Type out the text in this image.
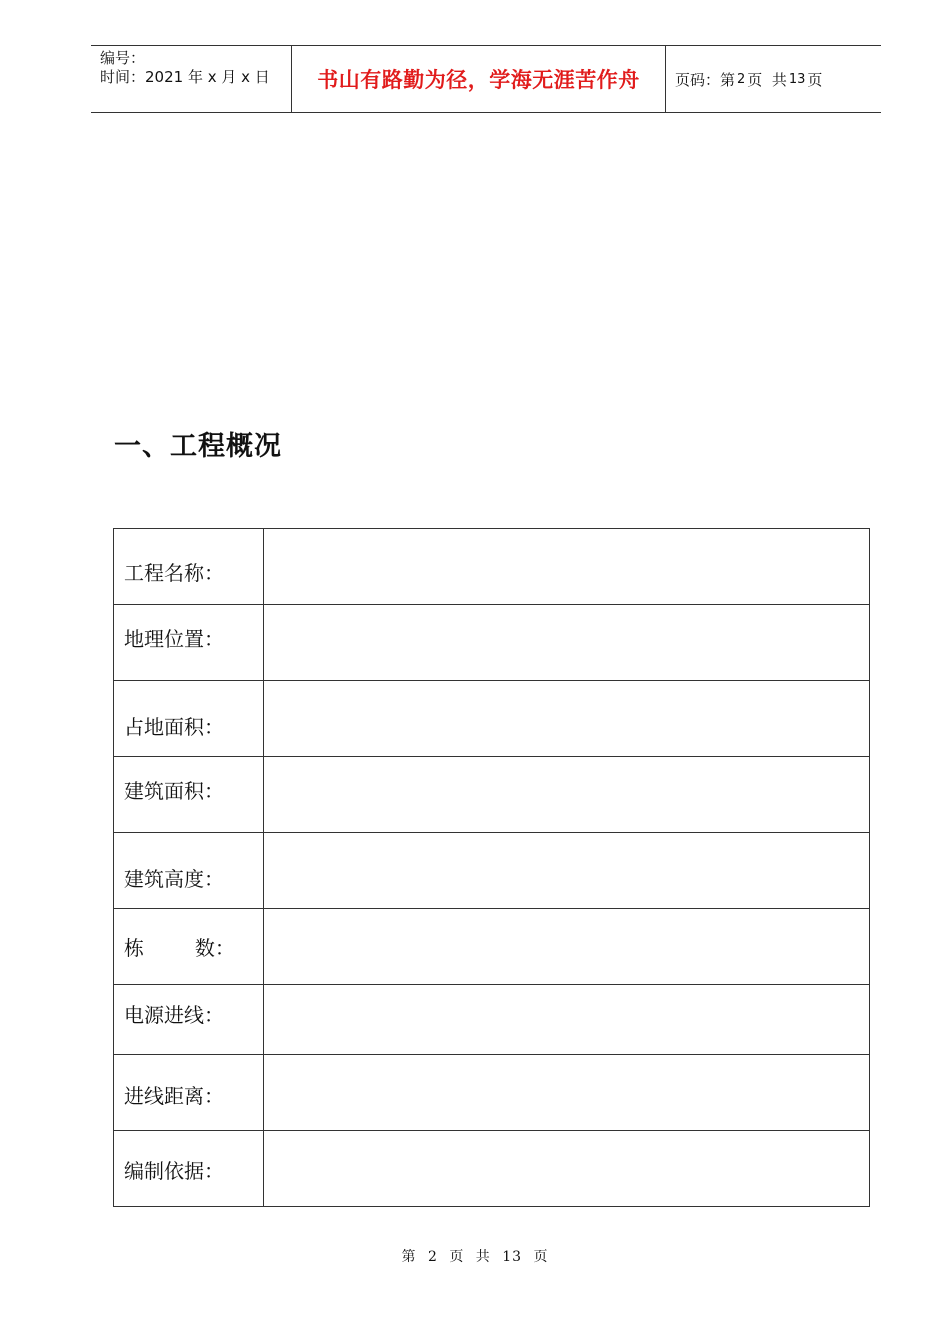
编号：
时间：2021 年 x 月 x 日	书山有路勤为径，学海无涯苦作舟	页码：第 2 页  共 13 页
一、工程概况
工程名称：	
地理位置：	
占地面积：	
建筑面积：	
建筑高度：	
栋        数：	
电源进线：	
进线距离：	
编制依据：	
第 2 页 共 13 页
